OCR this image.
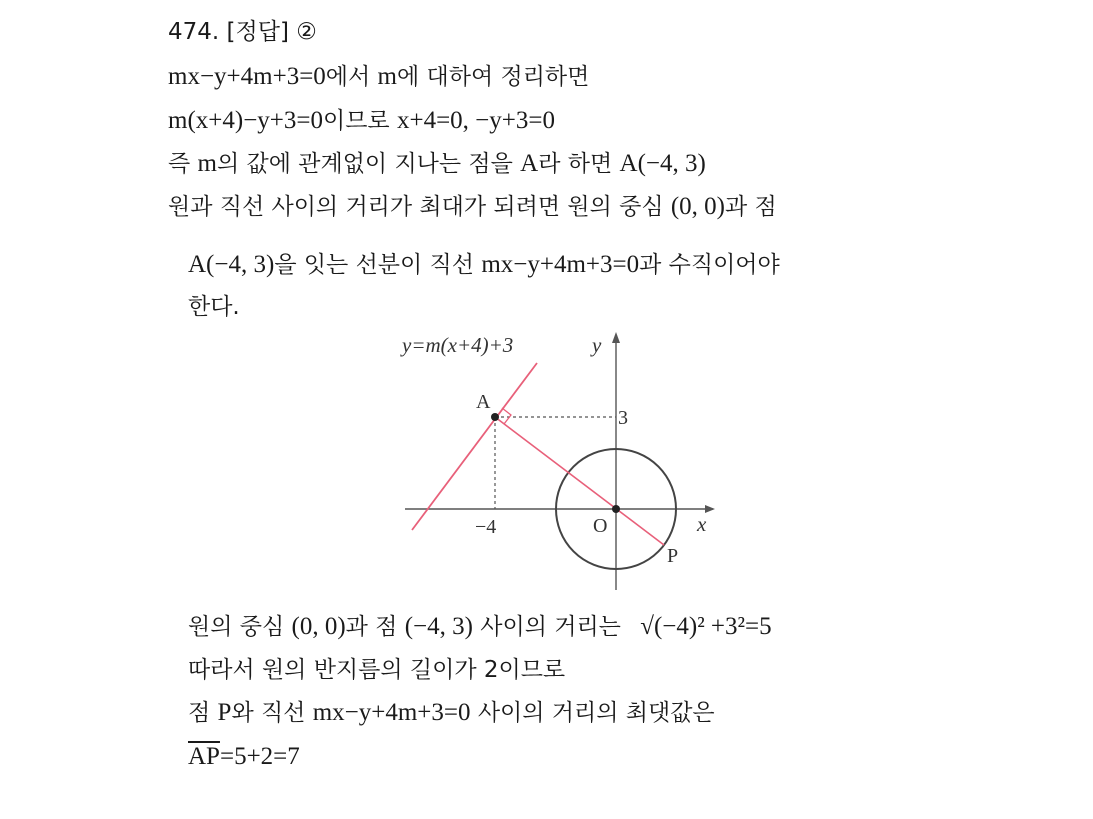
474. [정답] ②
mx−y+4m+3=0에서 m에 대하여 정리하면
m(x+4)−y+3=0이므로 x+4=0, −y+3=0
즉 m의 값에 관계없이 지나는 점을 A라 하면 A(−4, 3)
원과 직선 사이의 거리가 최대가 되려면 원의 중심 (0, 0)과 점
A(−4, 3)을 잇는 선분이 직선 mx−y+4m+3=0과 수직이어야
한다.
y=m(x+4)+3	y
A
3
−4	O	x
P
원의 중심 (0, 0)과 점 (−4, 3) 사이의 거리는 √(−4)² +3²=5
따라서 원의 반지름의 길이가 2이므로
점 P와 직선 mx−y+4m+3=0 사이의 거리의 최댓값은
$\overline{AP}=5+2=7$
